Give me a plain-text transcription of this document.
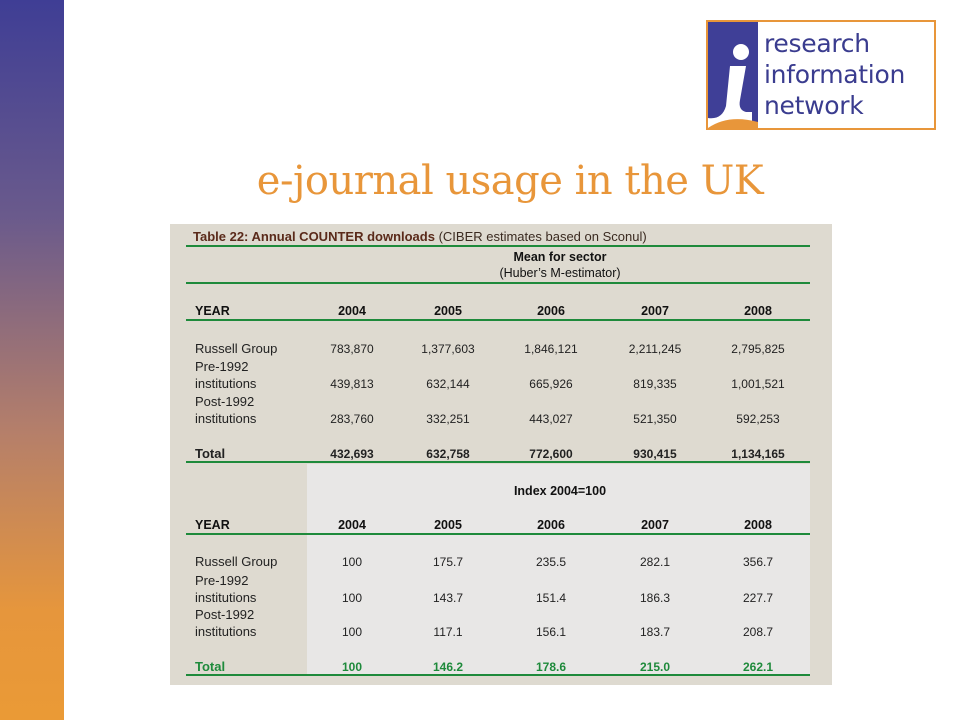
research
information
network
e-journal usage in the UK
Table 22: Annual COUNTER downloads (CIBER estimates based on Sconul)
Mean for sector
(Huber’s M-estimator)
YEAR	2004	2005	2006	2007	2008
Russell Group	783,870	1,377,603	1,846,121	2,211,245	2,795,825
Pre-1992
institutions	439,813	632,144	665,926	819,335	1,001,521
Post-1992
institutions	283,760	332,251	443,027	521,350	592,253
Total	432,693	632,758	772,600	930,415	1,134,165
Index 2004=100
YEAR	2004	2005	2006	2007	2008
Russell Group	100	175.7	235.5	282.1	356.7
Pre-1992
institutions	100	143.7	151.4	186.3	227.7
Post-1992
institutions	100	117.1	156.1	183.7	208.7
Total	100	146.2	178.6	215.0	262.1
